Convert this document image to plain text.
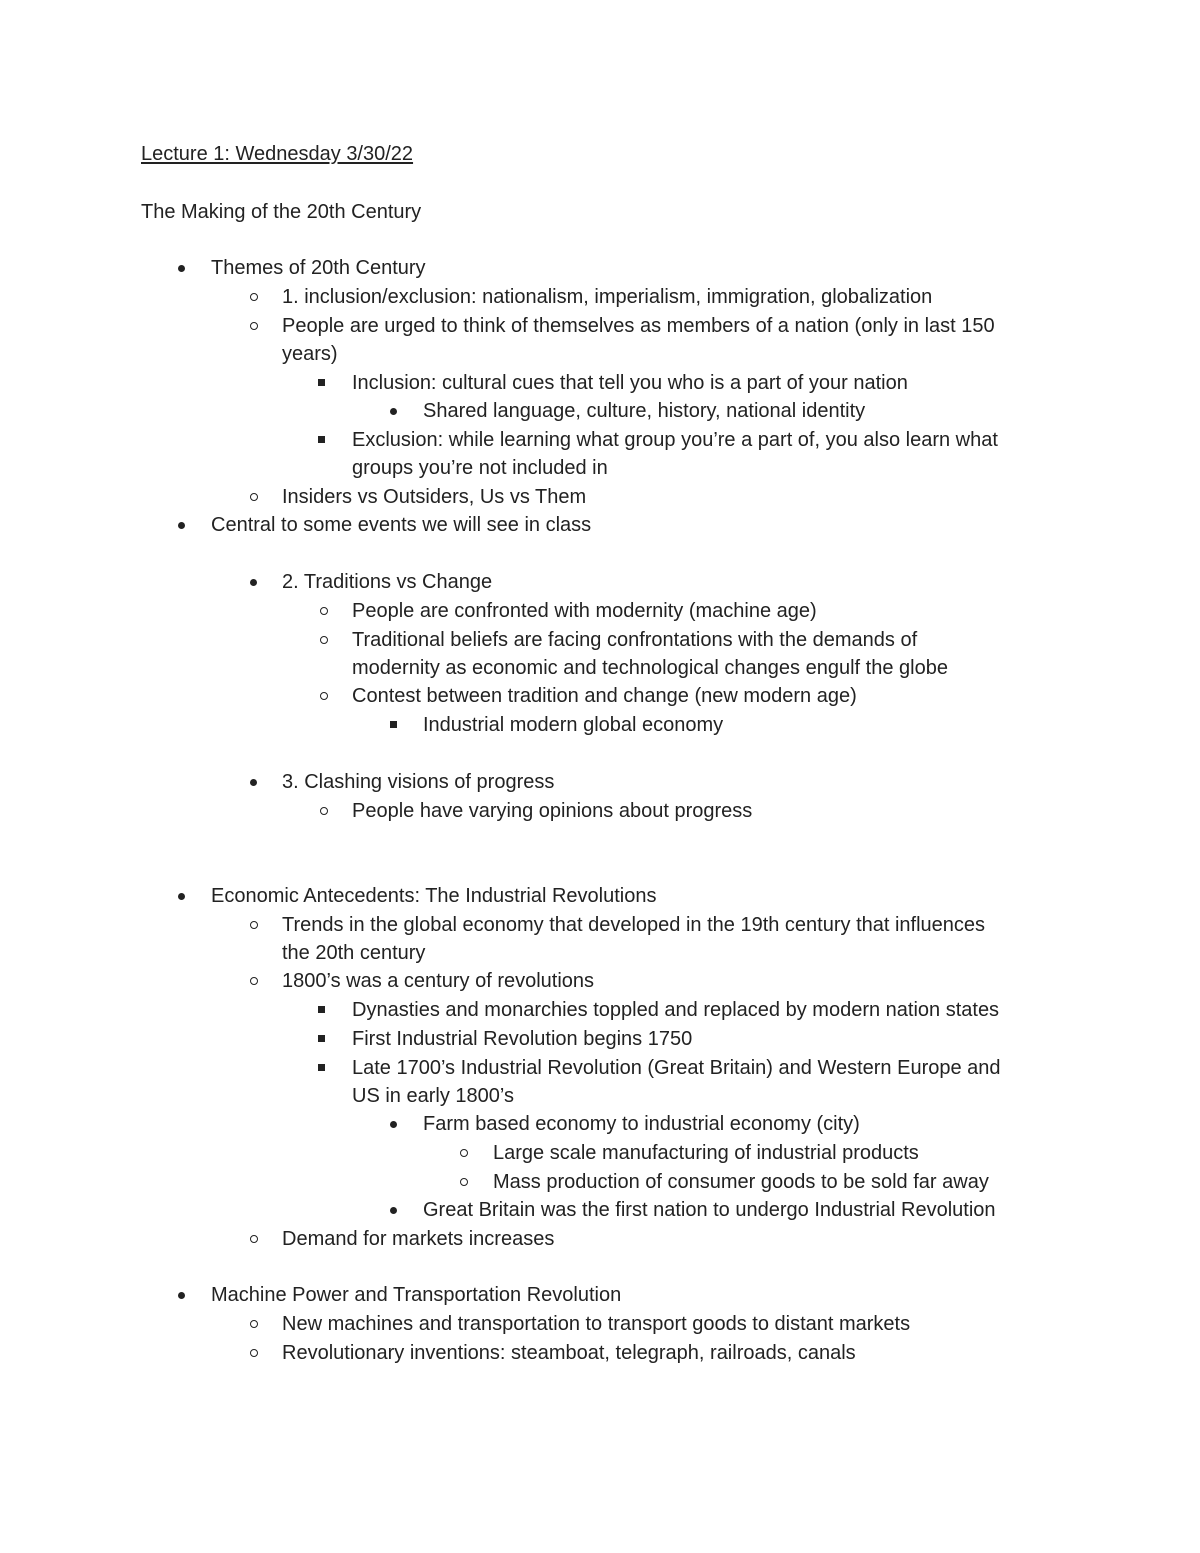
Lecture 1: Wednesday 3/30/22
The Making of the 20th Century
Themes of 20th Century
1. inclusion/exclusion: nationalism, imperialism, immigration, globalization
People are urged to think of themselves as members of a nation (only in last 150
years)
Inclusion: cultural cues that tell you who is a part of your nation
Shared language, culture, history, national identity
Exclusion: while learning what group you’re a part of, you also learn what
groups you’re not included in
Insiders vs Outsiders, Us vs Them
Central to some events we will see in class
2. Traditions vs Change
People are confronted with modernity (machine age)
Traditional beliefs are facing confrontations with the demands of
modernity as economic and technological changes engulf the globe
Contest between tradition and change (new modern age)
Industrial modern global economy
3. Clashing visions of progress
People have varying opinions about progress
Economic Antecedents: The Industrial Revolutions
Trends in the global economy that developed in the 19th century that influences
the 20th century
1800’s was a century of revolutions
Dynasties and monarchies toppled and replaced by modern nation states
First Industrial Revolution begins 1750
Late 1700’s Industrial Revolution (Great Britain) and Western Europe and
US in early 1800’s
Farm based economy to industrial economy (city)
Large scale manufacturing of industrial products
Mass production of consumer goods to be sold far away
Great Britain was the first nation to undergo Industrial Revolution
Demand for markets increases
Machine Power and Transportation Revolution
New machines and transportation to transport goods to distant markets
Revolutionary inventions: steamboat, telegraph, railroads, canals
